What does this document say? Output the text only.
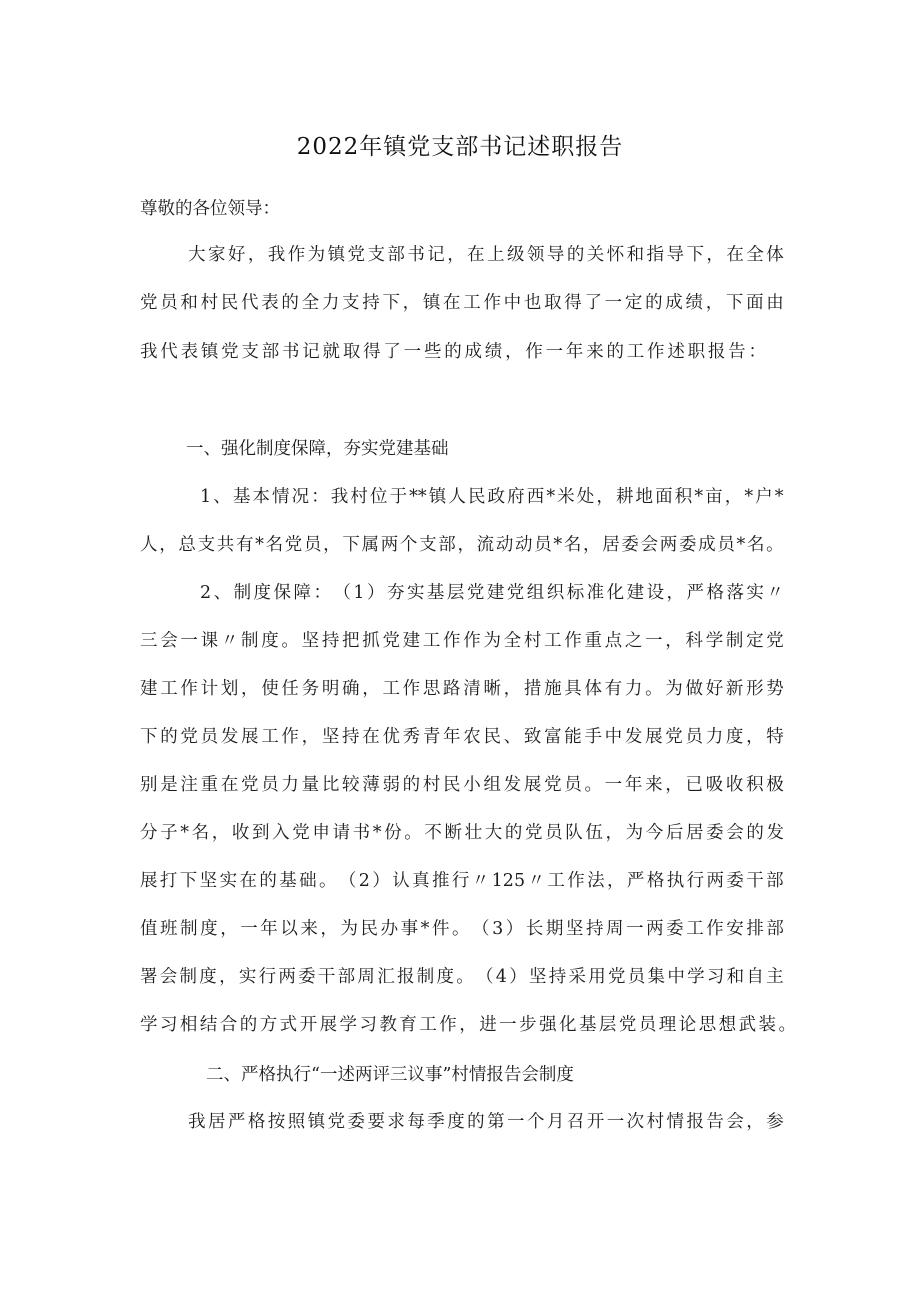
2022年镇党支部书记述职报告
尊敬的各位领导：
大 家 好 ， 我 作 为 镇 党 支 部 书 记 ， 在 上 级 领 导 的 关 怀 和 指 导 下 ， 在 全 体
党 员 和 村 民 代 表 的 全 力 支 持 下 ， 镇 在 工 作 中 也 取 得 了 一 定 的 成 绩 ， 下 面 由
我 代 表 镇 党 支 部 书 记 就 取 得 了 一 些 的 成 绩 ， 作 一 年 来 的 工 作 述 职 报 告 ：
一、强化制度保障，夯实党建基础
1 、 基 本 情 况 ： 我 村 位 于 ** 镇 人 民 政 府 西 * 米 处 ， 耕 地 面 积 * 亩 ， * 户 *
人 ， 总 支 共 有 * 名 党 员 ， 下 属 两 个 支 部 ， 流 动 动 员 * 名 ， 居 委 会 两 委 成 员 * 名 。
2 、 制 度 保 障 ： （ 1 ） 夯 实 基 层 党 建 党 组 织 标 准 化 建 设 ， 严 格 落 实 〃
三 会 一 课 〃 制 度 。 坚 持 把 抓 党 建 工 作 作 为 全 村 工 作 重 点 之 一 ， 科 学 制 定 党
建 工 作 计 划 ， 使 任 务 明 确 ， 工 作 思 路 清 晰 ， 措 施 具 体 有 力 。 为 做 好 新 形 势
下 的 党 员 发 展 工 作 ， 坚 持 在 优 秀 青 年 农 民 、 致 富 能 手 中 发 展 党 员 力 度 ， 特
别 是 注 重 在 党 员 力 量 比 较 薄 弱 的 村 民 小 组 发 展 党 员 。 一 年 来 ， 已 吸 收 积 极
分 子 * 名 ， 收 到 入 党 申 请 书 * 份 。 不 断 壮 大 的 党 员 队 伍 ， 为 今 后 居 委 会 的 发
展 打 下 坚 实 在 的 基 础 。 （ 2 ） 认 真 推 行 〃 125 〃 工 作 法 ， 严 格 执 行 两 委 干 部
值 班 制 度 ， 一 年 以 来 ， 为 民 办 事 * 件 。 （ 3 ） 长 期 坚 持 周 一 两 委 工 作 安 排 部
署 会 制 度 ， 实 行 两 委 干 部 周 汇 报 制 度 。 （ 4 ） 坚 持 采 用 党 员 集 中 学 习 和 自 主
学 习 相 结 合 的 方 式 开 展 学 习 教 育 工 作 ， 进 一 步 强 化 基 层 党 员 理 论 思 想 武 装 。
二、严格执行“一述两评三议事”村情报告会制度
我 居 严 格 按 照 镇 党 委 要 求 每 季 度 的 第 一 个 月 召 开 一 次 村 情 报 告 会 ， 参
